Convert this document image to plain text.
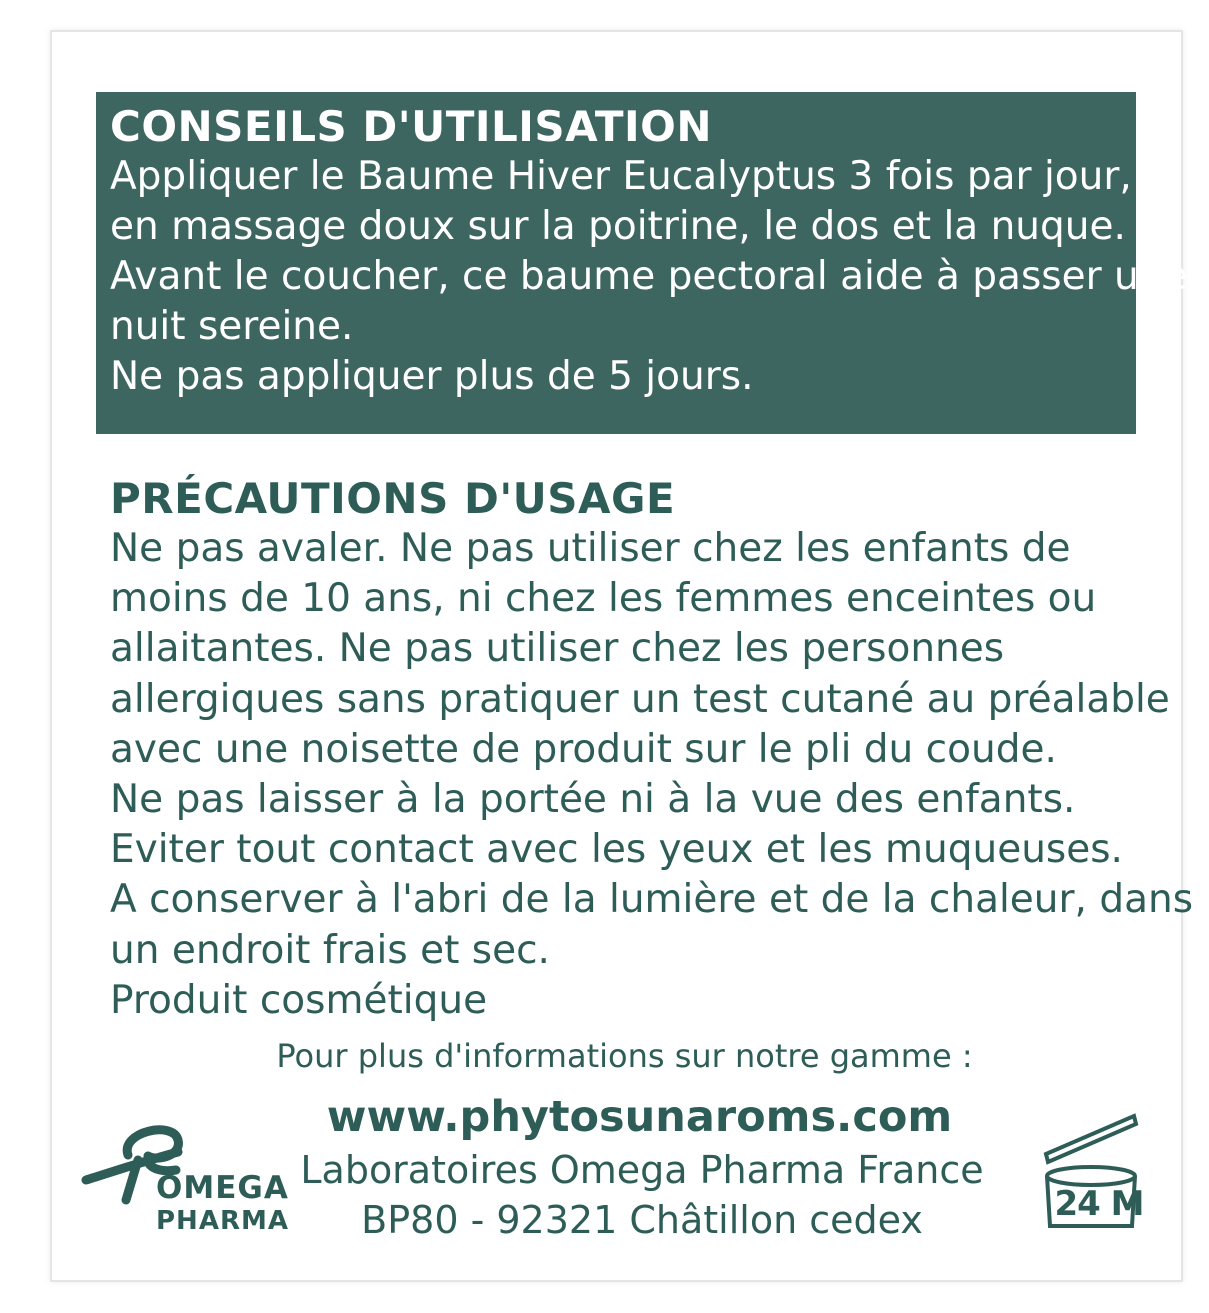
CONSEILS D'UTILISATION
Appliquer le Baume Hiver Eucalyptus 3 fois par jour,
en massage doux sur la poitrine, le dos et la nuque.
Avant le coucher, ce baume pectoral aide à passer une
nuit sereine.
Ne pas appliquer plus de 5 jours.
PRÉCAUTIONS D'USAGE
Ne pas avaler. Ne pas utiliser chez les enfants de
moins de 10 ans, ni chez les femmes enceintes ou
allaitantes. Ne pas utiliser chez les personnes
allergiques sans pratiquer un test cutané au préalable
avec une noisette de produit sur le pli du coude.
Ne pas laisser à la portée ni à la vue des enfants.
Eviter tout contact avec les yeux et les muqueuses.
A conserver à l'abri de la lumière et de la chaleur, dans
un endroit frais et sec.
Produit cosmétique
Pour plus d'informations sur notre gamme :
www.phytosunaroms.com
Laboratoires Omega Pharma France
BP80 - 92321 Châtillon cedex
OMEGA
PHARMA	24 M
